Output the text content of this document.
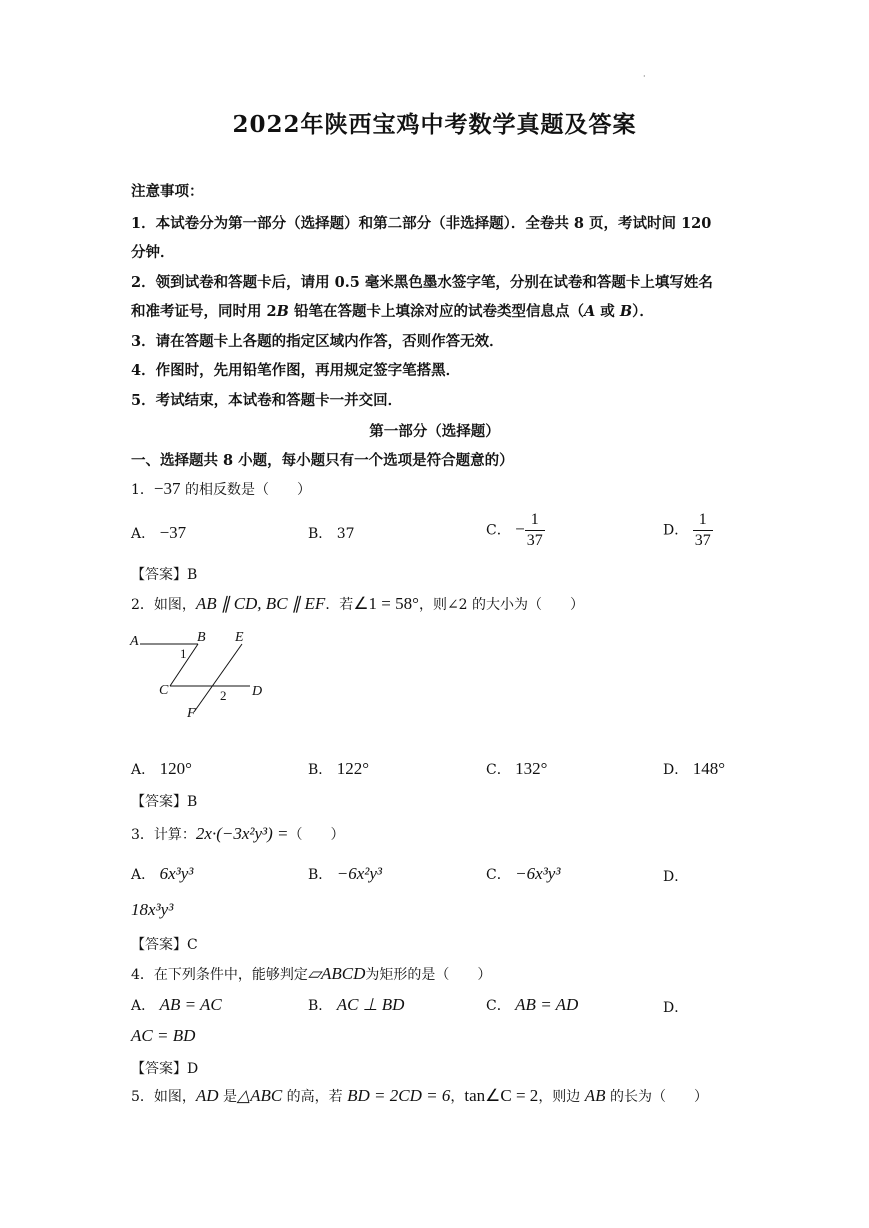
·
2022年陕西宝鸡中考数学真题及答案
注意事项：
1．本试卷分为第一部分（选择题）和第二部分（非选择题）．全卷共 8 页，考试时间 120
分钟．
2．领到试卷和答题卡后，请用 0.5 毫米黑色墨水签字笔，分别在试卷和答题卡上填写姓名
和准考证号，同时用 2B 铅笔在答题卡上填涂对应的试卷类型信息点（A 或 B）．
3．请在答题卡上各题的指定区域内作答，否则作答无效．
4．作图时，先用铅笔作图，再用规定签字笔搭黑．
5．考试结束，本试卷和答题卡一并交回．
第一部分（选择题）
一、选择题共 8 小题，每小题只有一个选项是符合题意的）
1．−37 的相反数是（　　）
A． −37	B． 37	C． − $\frac{1}{37}$	D． $\frac{1}{37}$
【答案】B
2．如图，AB ∥ CD, BC ∥ EF．若∠1 = 58°，则∠2 的大小为（　　）
A	B E
C	D
F
1
2
A． 120°	B． 122°	C． 132°	D． 148°
【答案】B
3．计算：2x·(−3x²y³) =（　　）
A． 6x³y³	B． −6x²y³	C． −6x³y³	D．
18x³y³
【答案】C
4．在下列条件中，能够判定▱ABCD为矩形的是（　　）
A． AB = AC	B． AC ⊥ BD	C． AB = AD	D．
AC = BD
【答案】D
5．如图，AD 是△ABC 的高，若 BD = 2CD = 6，tan∠C = 2，则边 AB 的长为（　　）
